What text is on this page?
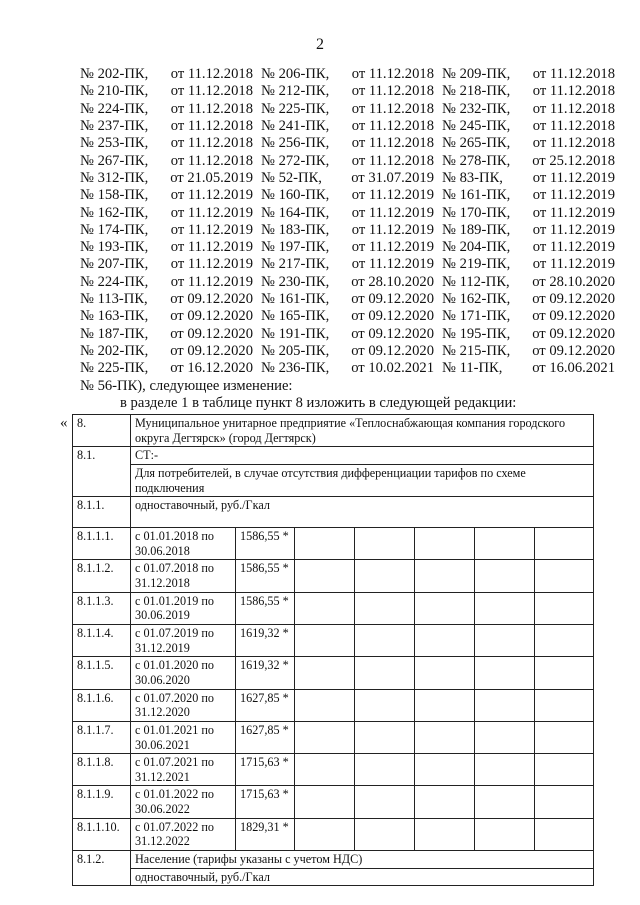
2
№ 202-ПК, от 11.12.2018 № 206-ПК, от 11.12.2018 № 209-ПК, от 11.12.2018
№ 210-ПК, от 11.12.2018 № 212-ПК, от 11.12.2018 № 218-ПК, от 11.12.2018
№ 224-ПК, от 11.12.2018 № 225-ПК, от 11.12.2018 № 232-ПК, от 11.12.2018
№ 237-ПК, от 11.12.2018 № 241-ПК, от 11.12.2018 № 245-ПК, от 11.12.2018
№ 253-ПК, от 11.12.2018 № 256-ПК, от 11.12.2018 № 265-ПК, от 11.12.2018
№ 267-ПК, от 11.12.2018 № 272-ПК, от 11.12.2018 № 278-ПК, от 25.12.2018
№ 312-ПК, от 21.05.2019 № 52-ПК, от 31.07.2019 № 83-ПК, от 11.12.2019
№ 158-ПК, от 11.12.2019 № 160-ПК, от 11.12.2019 № 161-ПК, от 11.12.2019
№ 162-ПК, от 11.12.2019 № 164-ПК, от 11.12.2019 № 170-ПК, от 11.12.2019
№ 174-ПК, от 11.12.2019 № 183-ПК, от 11.12.2019 № 189-ПК, от 11.12.2019
№ 193-ПК, от 11.12.2019 № 197-ПК, от 11.12.2019 № 204-ПК, от 11.12.2019
№ 207-ПК, от 11.12.2019 № 217-ПК, от 11.12.2019 № 219-ПК, от 11.12.2019
№ 224-ПК, от 11.12.2019 № 230-ПК, от 28.10.2020 № 112-ПК, от 28.10.2020
№ 113-ПК, от 09.12.2020 № 161-ПК, от 09.12.2020 № 162-ПК, от 09.12.2020
№ 163-ПК, от 09.12.2020 № 165-ПК, от 09.12.2020 № 171-ПК, от 09.12.2020
№ 187-ПК, от 09.12.2020 № 191-ПК, от 09.12.2020 № 195-ПК, от 09.12.2020
№ 202-ПК, от 09.12.2020 № 205-ПК, от 09.12.2020 № 215-ПК, от 09.12.2020
№ 225-ПК, от 16.12.2020 № 236-ПК, от 10.02.2021 № 11-ПК, от 16.06.2021
№ 56-ПК), следующее изменение:
в разделе 1 в таблице пункт 8 изложить в следующей редакции:
« 8.	Муниципальное унитарное предприятие «Теплоснабжающая компания городского округа Дегтярск» (город Дегтярск)						
8.1.	СТ:-						
	Для потребителей, в случае отсутствия дифференциации тарифов по схеме подключения						
8.1.1.	одноставочный, руб./Гкал						
8.1.1.1.	с 01.01.2018 по 30.06.2018	1586,55 *					
8.1.1.2.	с 01.07.2018 по 31.12.2018	1586,55 *					
8.1.1.3.	с 01.01.2019 по 30.06.2019	1586,55 *					
8.1.1.4.	с 01.07.2019 по 31.12.2019	1619,32 *					
8.1.1.5.	с 01.01.2020 по 30.06.2020	1619,32 *					
8.1.1.6.	с 01.07.2020 по 31.12.2020	1627,85 *					
8.1.1.7.	с 01.01.2021 по 30.06.2021	1627,85 *					
8.1.1.8.	с 01.07.2021 по 31.12.2021	1715,63 *					
8.1.1.9.	с 01.01.2022 по 30.06.2022	1715,63 *					
8.1.1.10.	с 01.07.2022 по 31.12.2022	1829,31 *					
8.1.2.	Население (тарифы указаны с учетом НДС)						
	одноставочный, руб./Гкал						
